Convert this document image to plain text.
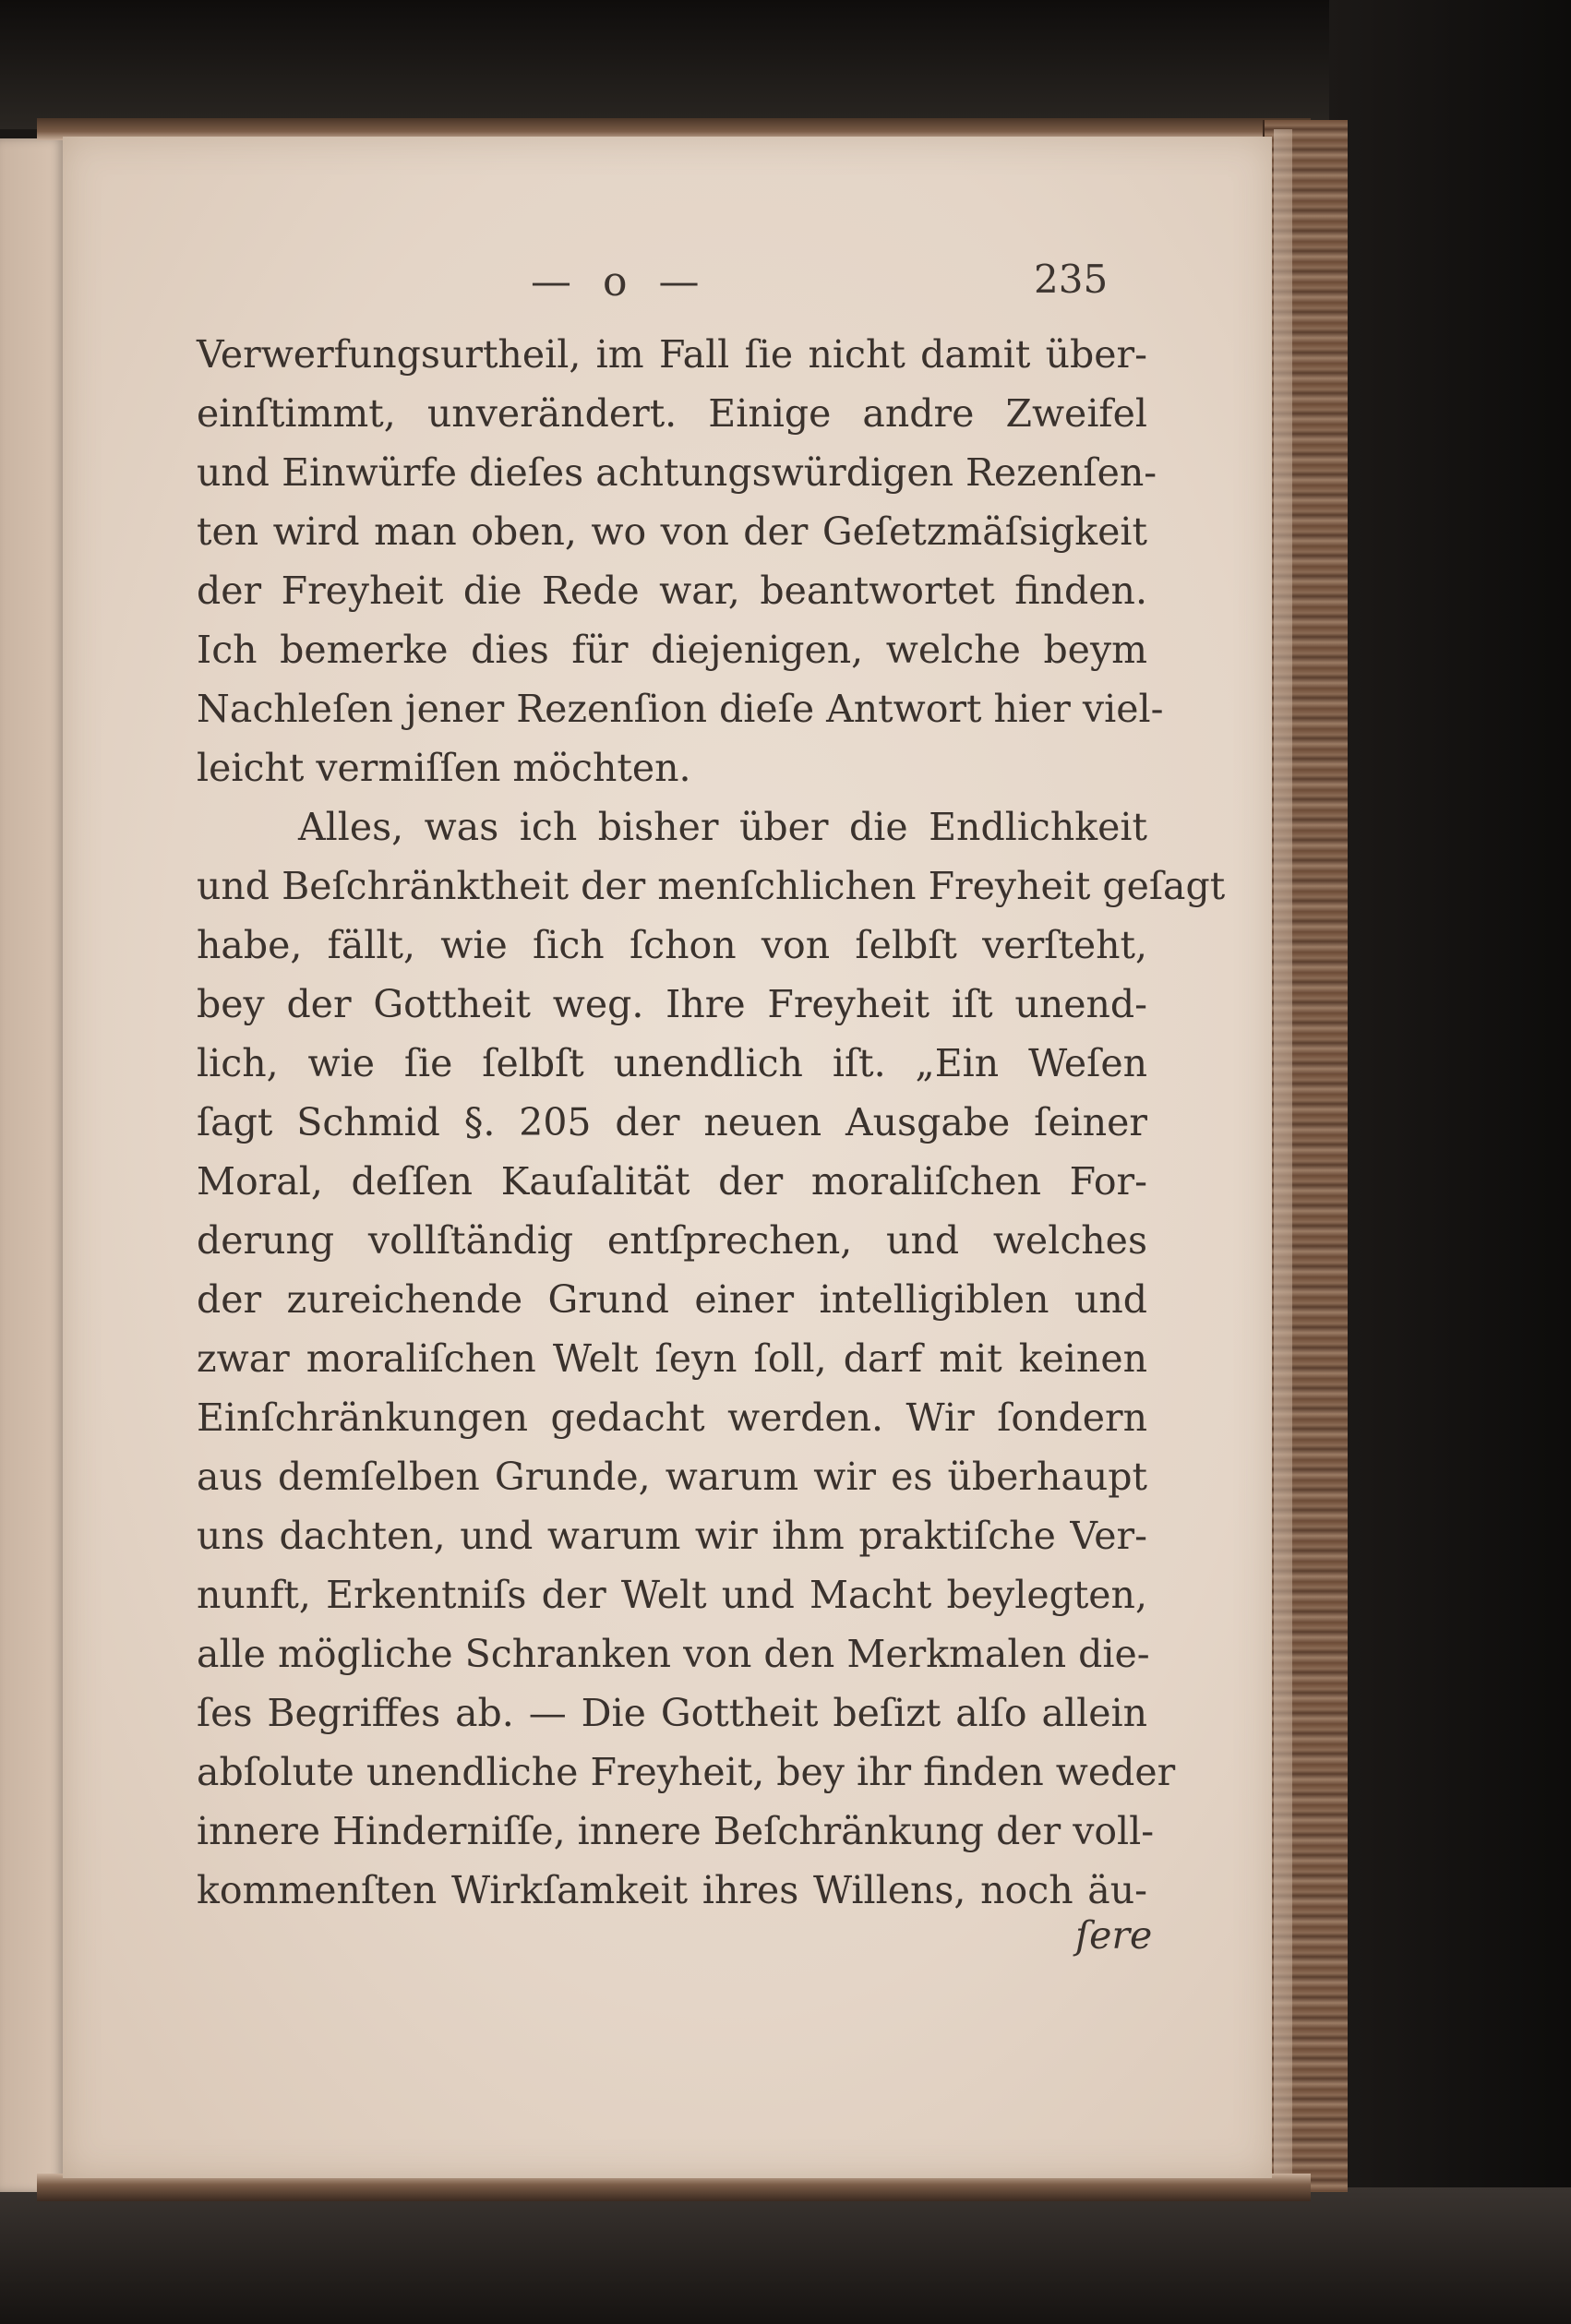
— o —	235
Verwerfungsurtheil, im Fall ſie nicht damit über-
einſtimmt, unverändert. Einige andre Zweifel
und Einwürfe dieſes achtungswürdigen Rezenſen-
ten wird man oben, wo von der Geſetzmäſsigkeit
der Freyheit die Rede war, beantwortet finden.
Ich bemerke dies für diejenigen, welche beym
Nachleſen jener Rezenſion dieſe Antwort hier viel-
leicht vermiſſen möchten.
Alles, was ich bisher über die Endlichkeit
und Beſchränktheit der menſchlichen Freyheit geſagt
habe, fällt, wie ſich ſchon von ſelbſt verſteht,
bey der Gottheit weg. Ihre Freyheit iſt unend-
lich, wie ſie ſelbſt unendlich iſt. „Ein Weſen
ſagt Schmid §. 205 der neuen Ausgabe ſeiner
Moral, deſſen Kauſalität der moraliſchen For-
derung vollſtändig entſprechen, und welches
der zureichende Grund einer intelligiblen und
zwar moraliſchen Welt ſeyn ſoll, darf mit keinen
Einſchränkungen gedacht werden. Wir ſondern
aus demſelben Grunde, warum wir es überhaupt
uns dachten, und warum wir ihm praktiſche Ver-
nunft, Erkentniſs der Welt und Macht beylegten,
alle mögliche Schranken von den Merkmalen die-
ſes Begriffes ab. — Die Gottheit beſizt alſo allein
abſolute unendliche Freyheit, bey ihr finden weder
innere Hinderniſſe, innere Beſchränkung der voll-
kommenſten Wirkſamkeit ihres Willens, noch äu-
ſere
